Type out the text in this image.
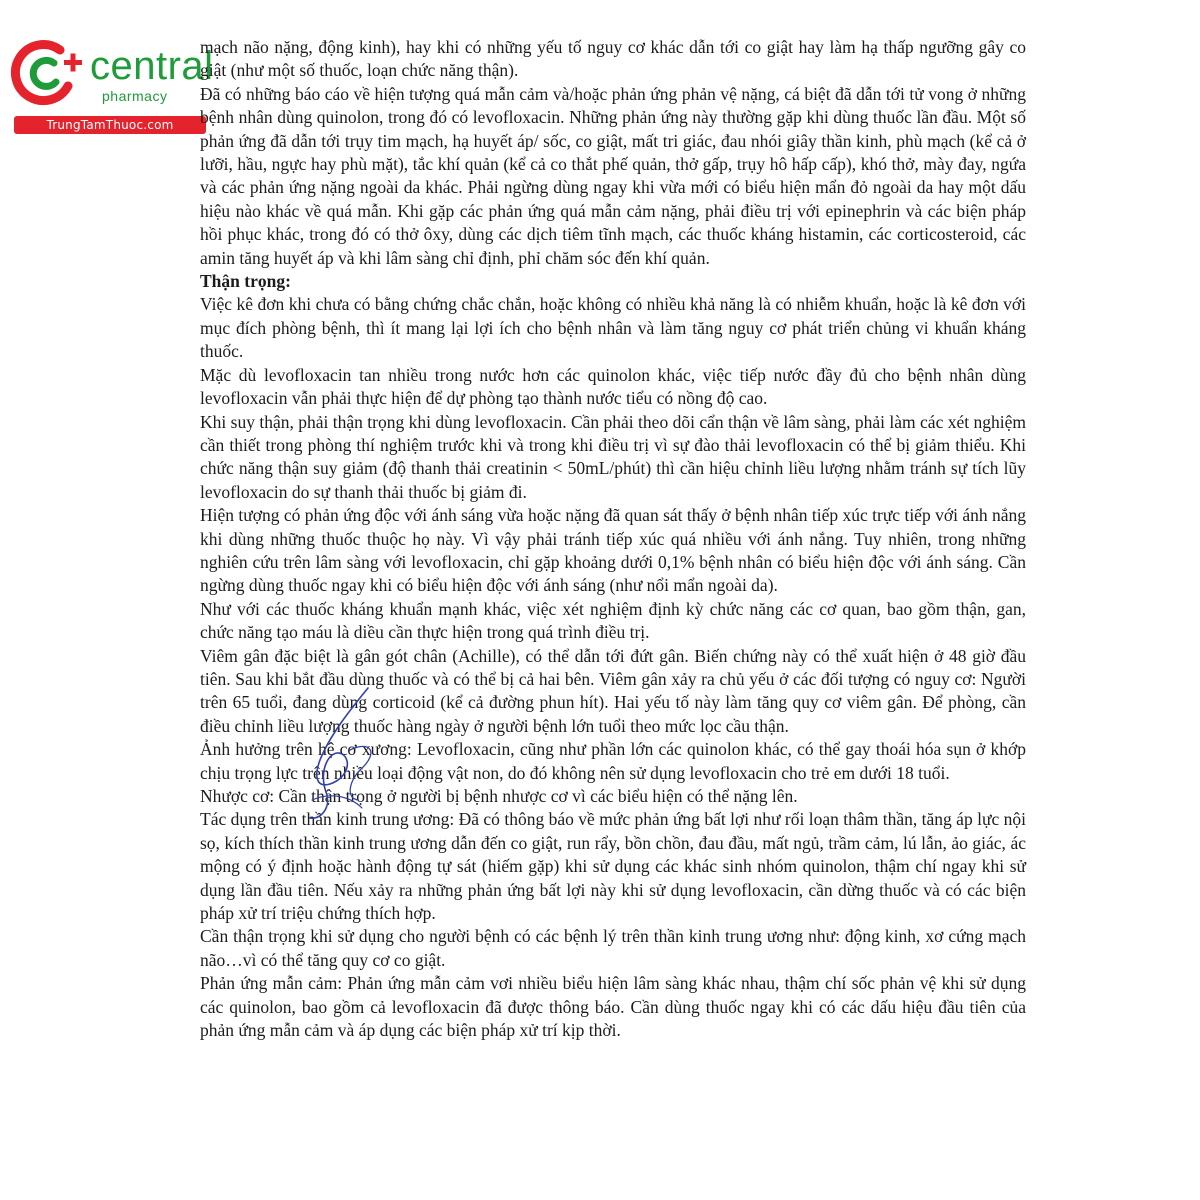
central
pharmacy
TrungTamThuoc.com

mạch não nặng, động kinh), hay khi có những yếu tố nguy cơ khác dẫn tới co giật hay làm hạ thấp ngưỡng gây co giật (như một số thuốc, loạn chức năng thận).

Đã có những báo cáo về hiện tượng quá mẫn cảm và/hoặc phản ứng phản vệ nặng, cá biệt đã dẫn tới tử vong ở những bệnh nhân dùng quinolon, trong đó có levofloxacin. Những phản ứng này thường gặp khi dùng thuốc lần đầu. Một số phản ứng đã dẫn tới trụy tim mạch, hạ huyết áp/ sốc, co giật, mất tri giác, đau nhói giây thần kinh, phù mạch (kể cả ở lưỡi, hầu, ngực hay phù mặt), tắc khí quản (kể cả co thắt phế quản, thở gấp, trụy hô hấp cấp), khó thở, mày đay, ngứa và các phản ứng nặng ngoài da khác. Phải ngừng dùng ngay khi vừa mới có biểu hiện mẩn đỏ ngoài da hay một dấu hiệu nào khác về quá mẫn. Khi gặp các phản ứng quá mẫn cảm nặng, phải điều trị với epinephrin và các biện pháp hồi phục khác, trong đó có thở ôxy, dùng các dịch tiêm tĩnh mạch, các thuốc kháng histamin, các corticosteroid, các amin tăng huyết áp và khi lâm sàng chỉ định, phỉ chăm sóc đến khí quản.

Thận trọng:

Việc kê đơn khi chưa có bằng chứng chắc chắn, hoặc không có nhiều khả năng là có nhiễm khuẩn, hoặc là kê đơn với mục đích phòng bệnh, thì ít mang lại lợi ích cho bệnh nhân và làm tăng nguy cơ phát triển chủng vi khuẩn kháng thuốc.

Mặc dù levofloxacin tan nhiều trong nước hơn các quinolon khác, việc tiếp nước đầy đủ cho bệnh nhân dùng levofloxacin vẫn phải thực hiện để dự phòng tạo thành nước tiểu có nồng độ cao.

Khi suy thận, phải thận trọng khi dùng levofloxacin. Cần phải theo dõi cẩn thận về lâm sàng, phải làm các xét nghiệm cần thiết trong phòng thí nghiệm trước khi và trong khi điều trị vì sự đào thải levofloxacin có thể bị giảm thiểu. Khi chức năng thận suy giảm (độ thanh thải creatinin < 50mL/phút) thì cần hiệu chỉnh liều lượng nhằm tránh sự tích lũy levofloxacin do sự thanh thải thuốc bị giảm đi.

Hiện tượng có phản ứng độc với ánh sáng vừa hoặc nặng đã quan sát thấy ở bệnh nhân tiếp xúc trực tiếp với ánh nắng khi dùng những thuốc thuộc họ này. Vì vậy phải tránh tiếp xúc quá nhiều với ánh nắng. Tuy nhiên, trong những nghiên cứu trên lâm sàng với levofloxacin, chỉ gặp khoảng dưới 0,1% bệnh nhân có biểu hiện độc với ánh sáng. Cần ngừng dùng thuốc ngay khi có biểu hiện độc với ánh sáng (như nổi mẩn ngoài da).

Như với các thuốc kháng khuẩn mạnh khác, việc xét nghiệm định kỳ chức năng các cơ quan, bao gồm thận, gan, chức năng tạo máu là diều cần thực hiện trong quá trình điều trị.

Viêm gân đặc biệt là gân gót chân (Achille), có thể dẫn tới đứt gân. Biến chứng này có thể xuất hiện ở 48 giờ đầu tiên. Sau khi bắt đầu dùng thuốc và có thể bị cả hai bên. Viêm gân xảy ra chủ yếu ở các đối tượng có nguy cơ: Người trên 65 tuổi, đang dùng corticoid (kể cả đường phun hít). Hai yếu tố này làm tăng quy cơ viêm gân. Để phòng, cần điều chỉnh liều lượng thuốc hàng ngày ở người bệnh lớn tuổi theo mức lọc cầu thận.

Ảnh hưởng trên hệ cơ xương: Levofloxacin, cũng như phần lớn các quinolon khác, có thể gay thoái hóa sụn ở khớp chịu trọng lực trên nhiều loại động vật non, do đó không nên sử dụng levofloxacin cho trẻ em dưới 18 tuổi.

Nhược cơ: Cần thận trọng ở người bị bệnh nhược cơ vì các biểu hiện có thể nặng lên.

Tác dụng trên thần kinh trung ương: Đã có thông báo về mức phản ứng bất lợi như rối loạn thâm thần, tăng áp lực nội sọ, kích thích thần kinh trung ương dẫn đến co giật, run rẩy, bồn chồn, đau đầu, mất ngủ, trầm cảm, lú lẫn, ảo giác, ác mộng có ý định hoặc hành động tự sát (hiếm gặp) khi sử dụng các khác sinh nhóm quinolon, thậm chí ngay khi sử dụng lần đầu tiên. Nếu xảy ra những phản ứng bất lợi này khi sử dụng levofloxacin, cần dừng thuốc và có các biện pháp xử trí triệu chứng thích hợp.

Cần thận trọng khi sử dụng cho người bệnh có các bệnh lý trên thần kinh trung ương như: động kinh, xơ cứng mạch não…vì có thể tăng quy cơ co giật.

Phản ứng mẫn cảm: Phản ứng mẫn cảm vơi nhiều biểu hiện lâm sàng khác nhau, thậm chí sốc phản vệ khi sử dụng các quinolon, bao gồm cả levofloxacin đã được thông báo. Cần dùng thuốc ngay khi có các dấu hiệu đầu tiên của phản ứng mẫn cảm và áp dụng các biện pháp xử trí kịp thời.
